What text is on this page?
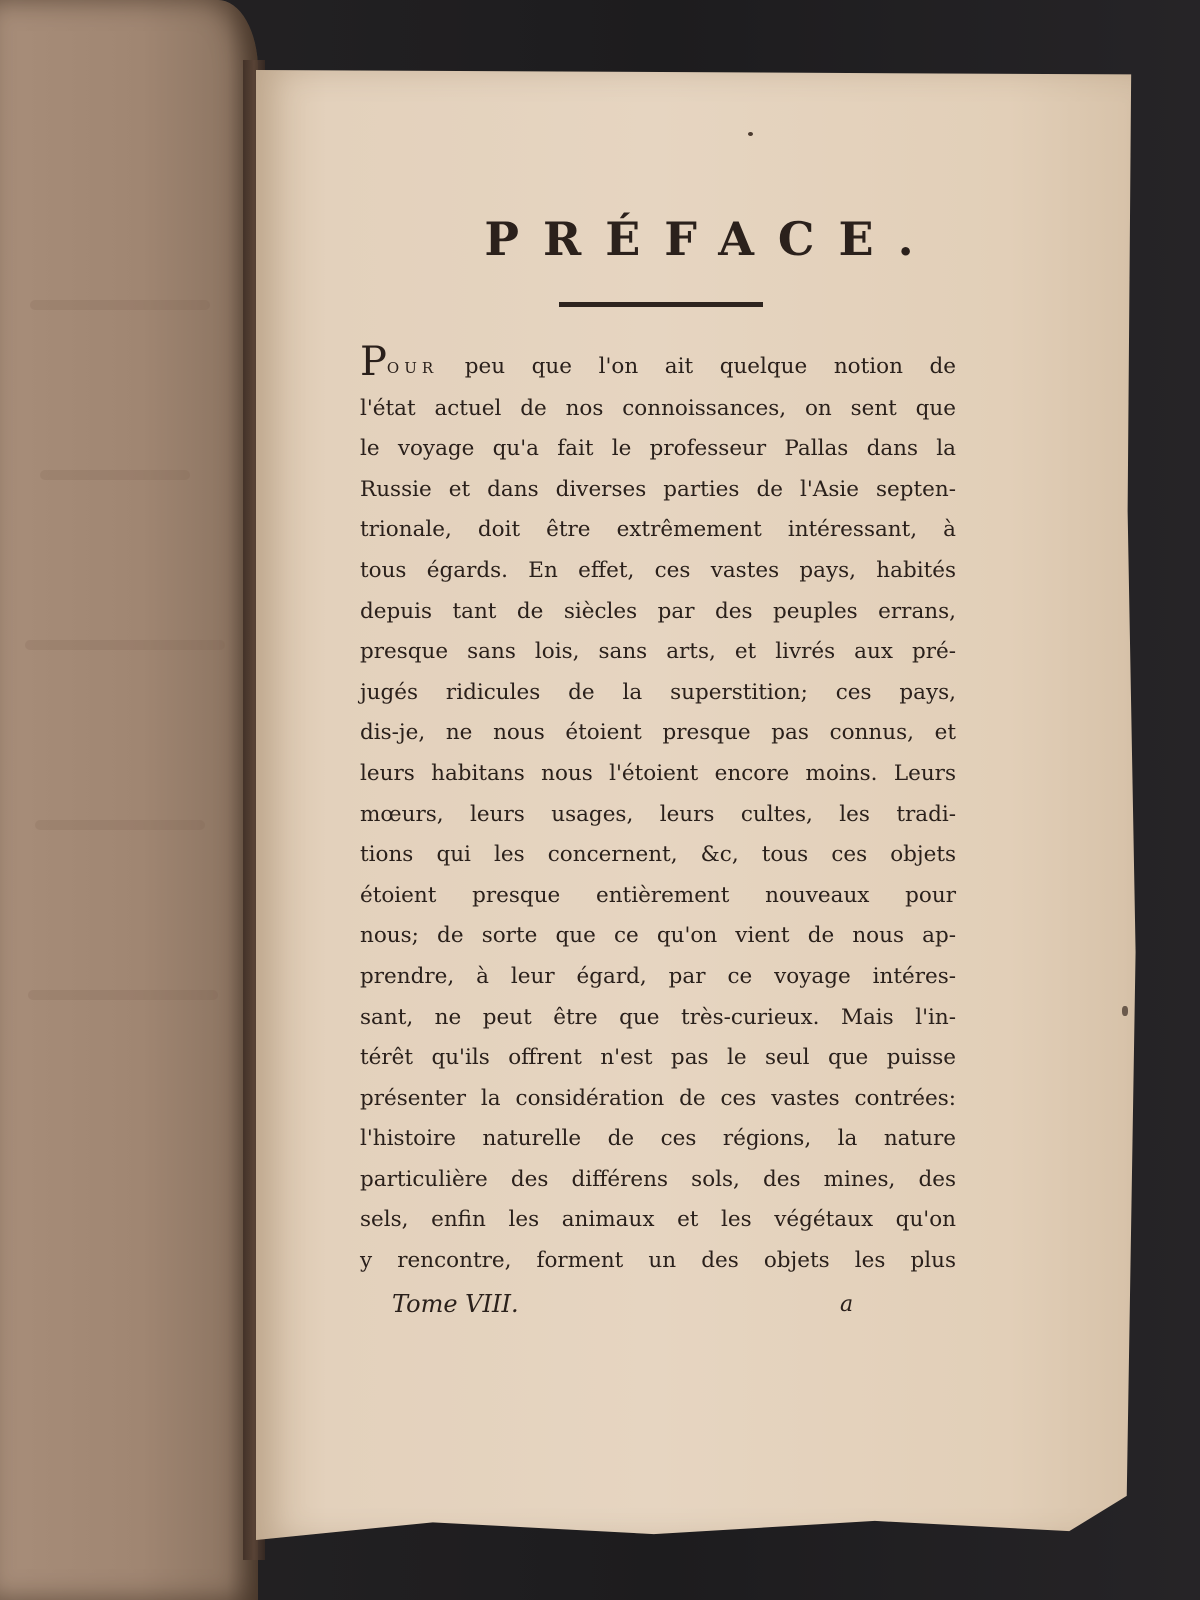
PRÉFACE.
POUR peu que l'on ait quelque notion de
l'état actuel de nos connoissances, on sent que
le voyage qu'a fait le professeur Pallas dans la
Russie et dans diverses parties de l'Asie septen-
trionale, doit être extrêmement intéressant, à
tous égards. En effet, ces vastes pays, habités
depuis tant de siècles par des peuples errans,
presque sans lois, sans arts, et livrés aux pré-
jugés ridicules de la superstition; ces pays,
dis-je, ne nous étoient presque pas connus, et
leurs habitans nous l'étoient encore moins. Leurs
mœurs, leurs usages, leurs cultes, les tradi-
tions qui les concernent, &c, tous ces objets
étoient presque entièrement nouveaux pour
nous; de sorte que ce qu'on vient de nous ap-
prendre, à leur égard, par ce voyage intéres-
sant, ne peut être que très-curieux. Mais l'in-
térêt qu'ils offrent n'est pas le seul que puisse
présenter la considération de ces vastes contrées:
l'histoire naturelle de ces régions, la nature
particulière des différens sols, des mines, des
sels, enfin les animaux et les végétaux qu'on
y rencontre, forment un des objets les plus
Tome VIII.	a
